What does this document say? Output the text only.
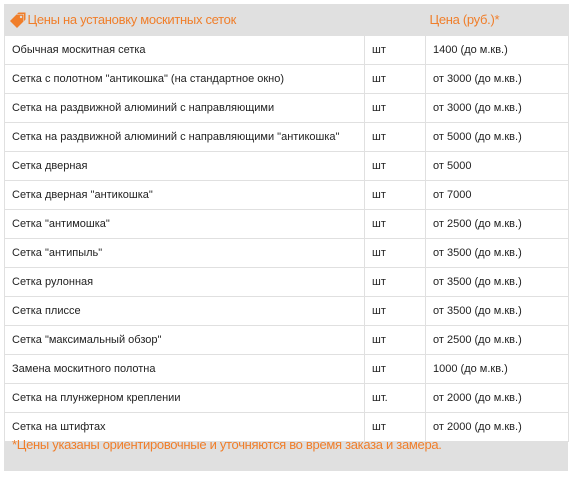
Цены на установку москитных сеток		Цена (руб.)*
Обычная москитная сетка	шт	1400 (до м.кв.)
Сетка с полотном "антикошка" (на стандартное окно)	шт	от 3000 (до м.кв.)
Сетка на раздвижной алюминий с направляющими	шт	от 3000 (до м.кв.)
Сетка на раздвижной алюминий с направляющими "антикошка"	шт	от 5000 (до м.кв.)
Сетка дверная	шт	от 5000
Сетка дверная "антикошка"	шт	от 7000
Сетка "антимошка"	шт	от 2500 (до м.кв.)
Сетка "антипыль"	шт	от 3500 (до м.кв.)
Сетка рулонная	шт	от 3500 (до м.кв.)
Сетка плиссе	шт	от 3500 (до м.кв.)
Сетка "максимальный обзор"	шт	от 2500 (до м.кв.)
Замена москитного полотна	шт	1000 (до м.кв.)
Сетка на плунжерном креплении	шт.	от 2000 (до м.кв.)
Сетка на штифтах	шт	от 2000 (до м.кв.)

*Цены указаны ориентировочные и уточняются во время заказа и замера.
